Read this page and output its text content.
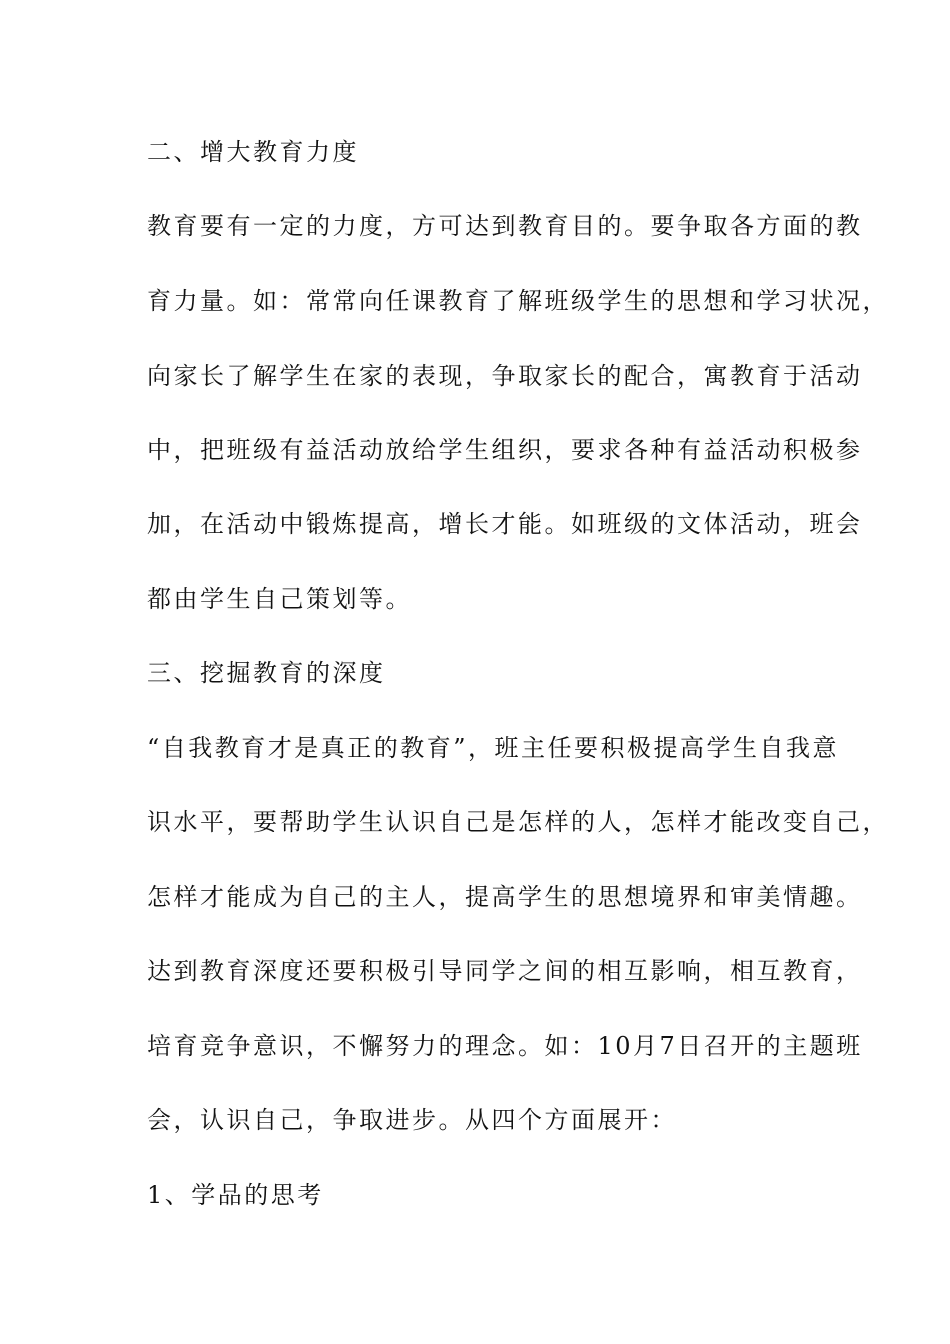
二、增大教育力度
教育要有一定的力度，方可达到教育目的。要争取各方面的教
育力量。如：常常向任课教育了解班级学生的思想和学习状况，
向家长了解学生在家的表现，争取家长的配合，寓教育于活动
中，把班级有益活动放给学生组织，要求各种有益活动积极参
加，在活动中锻炼提高，增长才能。如班级的文体活动，班会
都由学生自己策划等。
三、挖掘教育的深度
“自我教育才是真正的教育”，班主任要积极提高学生自我意
识水平，要帮助学生认识自己是怎样的人，怎样才能改变自己，
怎样才能成为自己的主人，提高学生的思想境界和审美情趣。
达到教育深度还要积极引导同学之间的相互影响，相互教育，
培育竞争意识，不懈努力的理念。如：10月7日召开的主题班
会，认识自己，争取进步。从四个方面展开：
1、学品的思考
